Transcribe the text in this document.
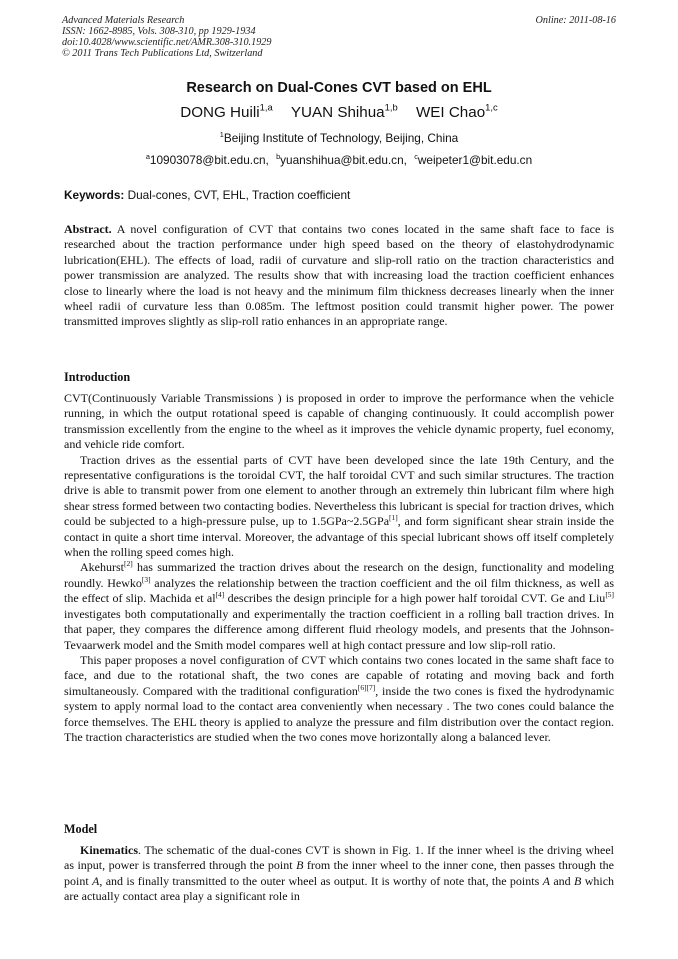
Advanced Materials Research
ISSN: 1662-8985, Vols. 308-310, pp 1929-1934
doi:10.4028/www.scientific.net/AMR.308-310.1929
© 2011 Trans Tech Publications Ltd, Switzerland
Online: 2011-08-16
Research on Dual-Cones CVT based on EHL
DONG Huili$^{1,a}$ YUAN Shihua$^{1,b}$ WEI Chao$^{1,c}$
$^1$Beijing Institute of Technology, Beijing, China
$^a$10903078@bit.edu.cn, $^b$yuanshihua@bit.edu.cn, $^c$weipeter1@bit.edu.cn
Keywords: Dual-cones, CVT, EHL, Traction coefficient

Abstract. A novel configuration of CVT that contains two cones located in the same shaft face to face is researched about the traction performance under high speed based on the theory of elastohydrodynamic lubrication(EHL). The effects of load, radii of curvature and slip-roll ratio on the traction characteristics and power transmission are analyzed. The results show that with increasing load the traction coefficient enhances close to linearly where the load is not heavy and the minimum film thickness decreases linearly when the inner wheel radii of curvature less than 0.085m. The leftmost position could transmit higher power. The power transmitted improves slightly as slip-roll ratio enhances in an appropriate range.

Introduction

CVT(Continuously Variable Transmissions ) is proposed in order to improve the performance when the vehicle running, in which the output rotational speed is capable of changing continuously. It could accomplish power transmission excellently from the engine to the wheel as it improves the vehicle dynamic property, fuel economy, and vehicle ride comfort.

Traction drives as the essential parts of CVT have been developed since the late 19th Century, and the representative configurations is the toroidal CVT, the half toroidal CVT and such similar structures. The traction drive is able to transmit power from one element to another through an extremely thin lubricant film where high shear stress formed between two contacting bodies. Nevertheless this lubricant is special for traction drives, which could be subjected to a high-pressure pulse, up to 1.5GPa~2.5GPa[1], and form significant shear strain inside the contact in quite a short time interval. Moreover, the advantage of this special lubricant shows off itself completely when the rolling speed comes high.

Akehurst[2] has summarized the traction drives about the research on the design, functionality and modeling roundly. Hewko[3] analyzes the relationship between the traction coefficient and the oil film thickness, as well as the effect of slip. Machida et al[4] describes the design principle for a high power half toroidal CVT. Ge and Liu[5] investigates both computationally and experimentally the traction coefficient in a rolling ball traction drives. In that paper, they compares the difference among different fluid rheology models, and presents that the Johnson-Tevaarwerk model and the Smith model compares well at high contact pressure and low slip-roll ratio.

This paper proposes a novel configuration of CVT which contains two cones located in the same shaft face to face, and due to the rotational shaft, the two cones are capable of rotating and moving back and forth simultaneously. Compared with the traditional configuration[6][7], inside the two cones is fixed the hydrodynamic system to apply normal load to the contact area conveniently when necessary . The two cones could balance the force themselves. The EHL theory is applied to analyze the pressure and film distribution over the contact region. The traction characteristics are studied when the two cones move horizontally along a balanced lever.

Model

Kinematics. The schematic of the dual-cones CVT is shown in Fig. 1. If the inner wheel is the driving wheel as input, power is transferred through the point B from the inner wheel to the inner cone, then passes through the point A, and is finally transmitted to the outer wheel as output. It is worthy of note that, the points A and B which are actually contact area play a significant role in
